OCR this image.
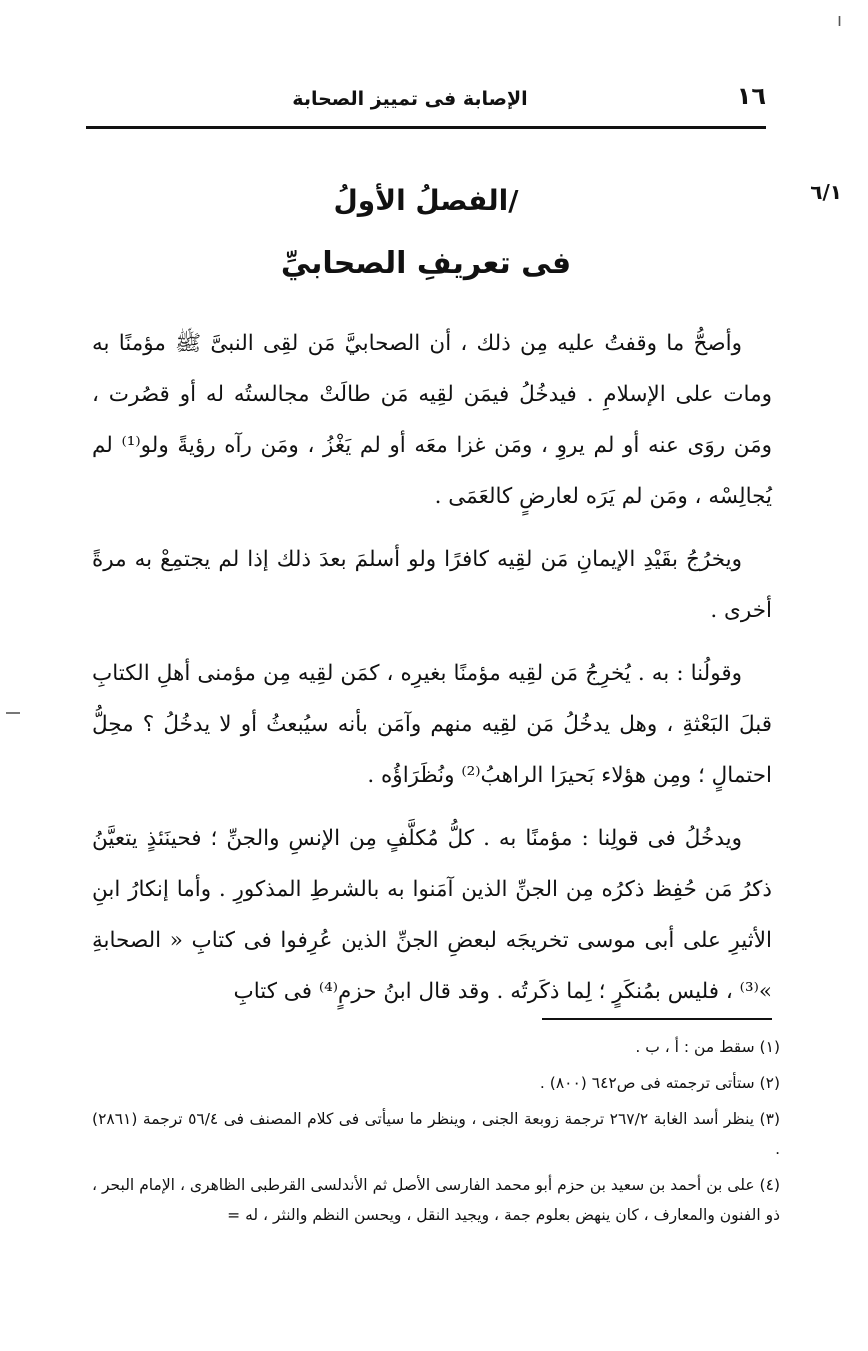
ı
١٦
الإصابة فى تمييز الصحابة
٦/١
/الفصلُ الأولُ
فى تعريفِ الصحابيِّ

وأصحُّ ما وقفتُ عليه مِن ذلك ، أن الصحابيَّ مَن لقِى النبىَّ ﷺ مؤمنًا به ومات على الإسلامِ . فيدخُلُ فيمَن لقِيه مَن طالَتْ مجالستُه له أو قصُرت ، ومَن روَى عنه أو لم يروِ ، ومَن غزا معَه أو لم يَغْزُ ، ومَن رآه رؤيةً ولو⁽¹⁾ لم يُجالِسْه ، ومَن لم يَرَه لعارضٍ كالعَمَى .

ويخرُجُ بقَيْدِ الإيمانِ مَن لقِيه كافرًا ولو أسلمَ بعدَ ذلك إذا لم يجتمِعْ به مرةً أخرى .

وقولُنا : به . يُخرِجُ مَن لقِيه مؤمنًا بغيرِه ، كمَن لقِيه مِن مؤمنى أهلِ الكتابِ قبلَ البَعْثةِ ، وهل يدخُلُ مَن لقِيه منهم وآمَن بأنه سيُبعثُ أو لا يدخُلُ ؟ محِلُّ احتمالٍ ؛ ومِن هؤلاء بَحيرَا الراهبُ⁽²⁾ ونُظَرَاؤُه .

ويدخُلُ فى قولِنا : مؤمنًا به . كلُّ مُكلَّفٍ مِن الإنسِ والجنِّ ؛ فحينَئذٍ يتعيَّنُ ذكرُ مَن حُفِظ ذكرُه مِن الجنِّ الذين آمَنوا به بالشرطِ المذكورِ . وأما إنكارُ ابنِ الأثيرِ على أبى موسى تخريجَه لبعضِ الجنِّ الذين عُرِفوا فى كتابِ « الصحابةِ »⁽³⁾ ، فليس بمُنكَرٍ ؛ لِما ذكَرتُه . وقد قال ابنُ حزمٍ⁽⁴⁾ فى كتابِ

(١) سقط من : أ ، ب .

(٢) ستأتى ترجمته فى ص٦٤٢ (٨٠٠) .

(٣) ينظر أسد الغابة ٢٦٧/٢ ترجمة زوبعة الجنى ، وينظر ما سيأتى فى كلام المصنف فى ٥٦/٤ ترجمة (٢٨٦١) .

(٤) على بن أحمد بن سعيد بن حزم أبو محمد الفارسى الأصل ثم الأندلسى القرطبى الظاهرى ، الإمام البحر ، ذو الفنون والمعارف ، كان ينهض بعلوم جمة ، ويجيد النقل ، ويحسن النظم والنثر ، له =
